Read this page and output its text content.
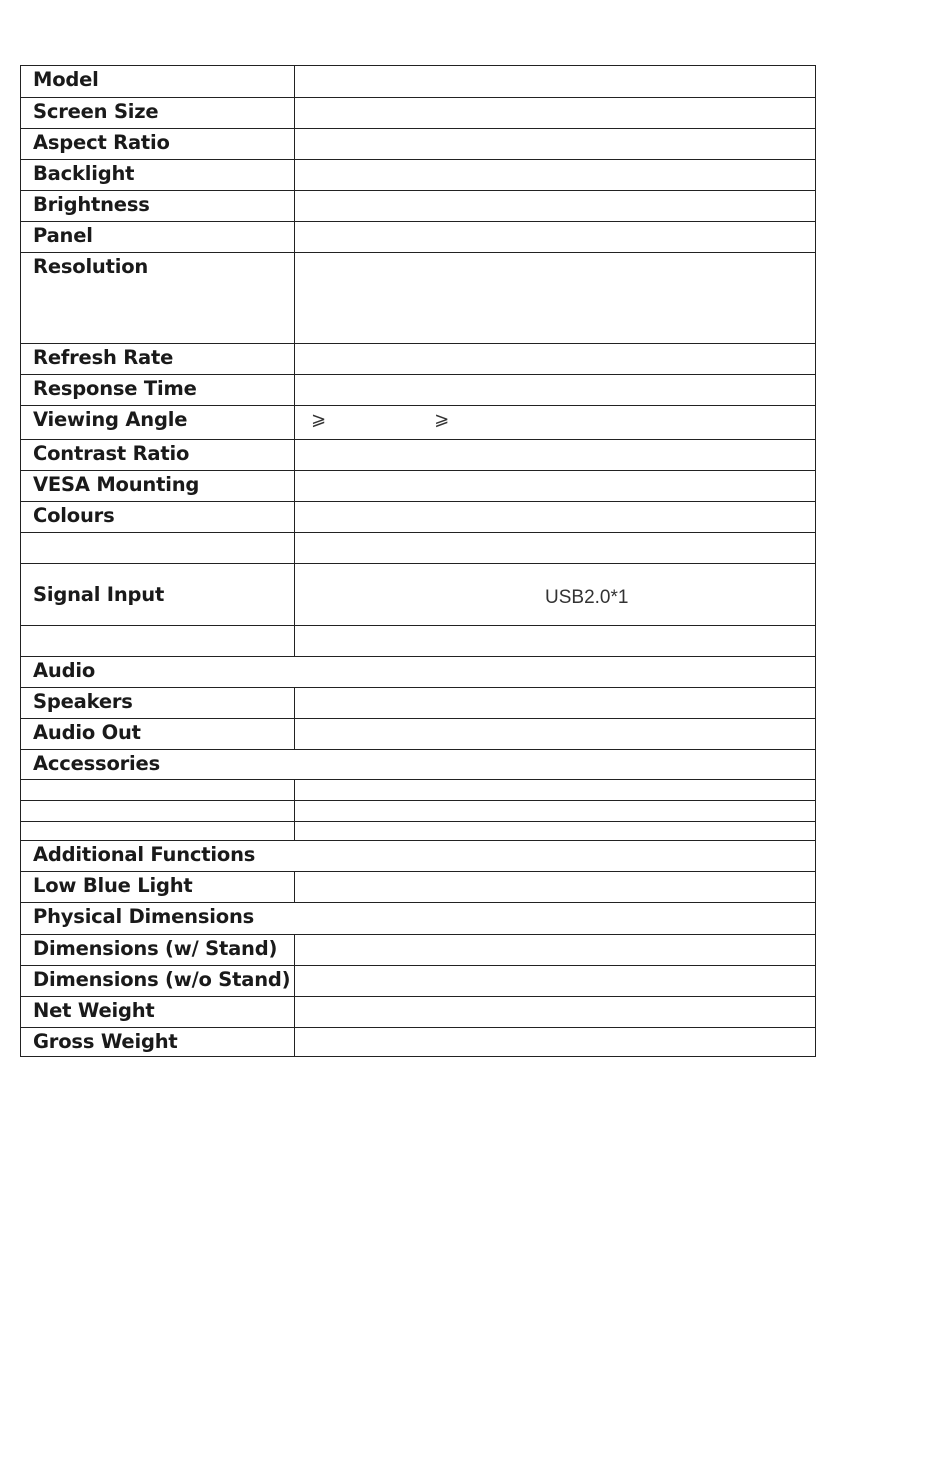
Model	
Screen Size	
Aspect Ratio	
Backlight	
Brightness	
Panel	
Resolution	
Refresh Rate	
Response Time	
Viewing Angle	⩾ ⩾
Contrast Ratio	
VESA Mounting	
Colours	

Signal Input	USB2.0*1

Audio	
Speakers	
Audio Out	
Accessories	

Additional Functions	
Low Blue Light	
Physical Dimensions	
Dimensions (w/ Stand)	
Dimensions (w/o Stand)	
Net Weight	
Gross Weight	
